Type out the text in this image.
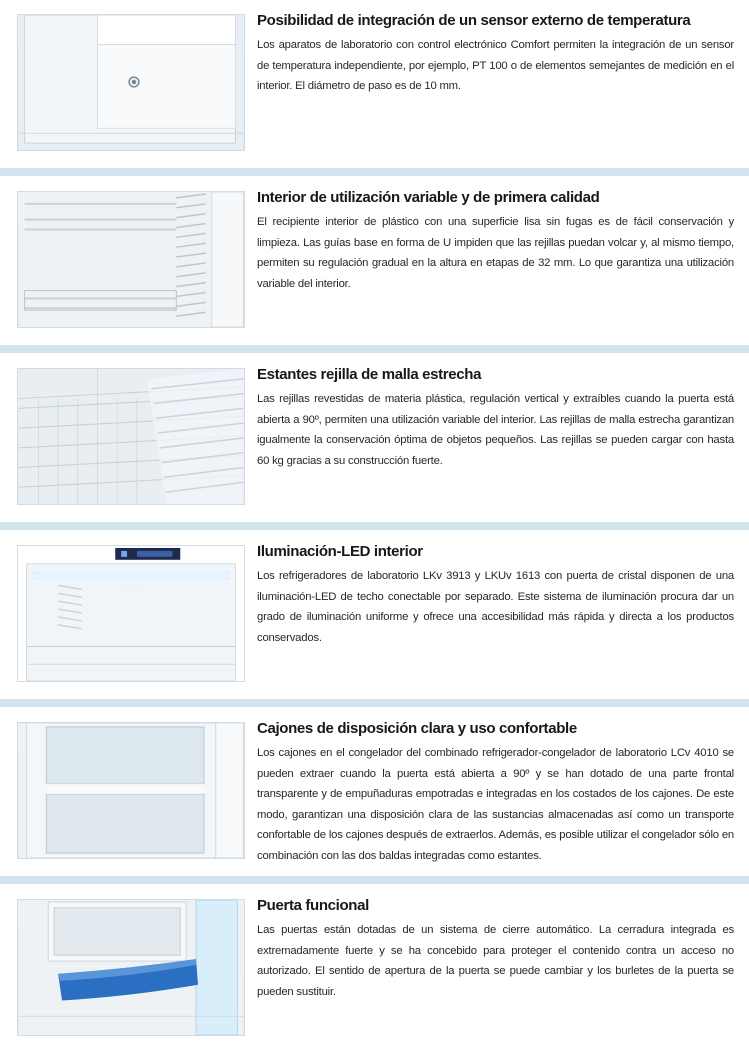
Posibilidad de integración de un sensor externo de temperatura

Los aparatos de laboratorio con control electrónico Comfort permiten la integración de un sensor de temperatura independiente, por ejemplo, PT 100 o de elementos semejantes de medición en el interior. El diámetro de paso es de 10 mm.

Interior de utilización variable y de primera calidad

El recipiente interior de plástico con una superficie lisa sin fugas es de fácil conservación y limpieza. Las guías base en forma de U impiden que las rejillas puedan volcar y, al mismo tiempo, permiten su regulación gradual en la altura en etapas de 32 mm. Lo que garantiza una utilización variable del interior.

Estantes rejilla de malla estrecha

Las rejillas revestidas de materia plástica, regulación vertical y extraíbles cuando la puerta está abierta a 90º, permiten una utilización variable del interior. Las rejillas de malla estrecha garantizan igualmente la conservación óptima de objetos pequeños. Las rejillas se pueden cargar con hasta 60 kg gracias a su construcción fuerte.

Iluminación-LED interior

Los refrigeradores de laboratorio LKv 3913 y LKUv 1613 con puerta de cristal disponen de una iluminación-LED de techo conectable por separado. Este sistema de iluminación procura dar un grado de iluminación uniforme y ofrece una accesibilidad más rápida y directa a los productos conservados.

Cajones de disposición clara y uso confortable

Los cajones en el congelador del combinado refrigerador-congelador de laboratorio LCv 4010 se pueden extraer cuando la puerta está abierta a 90º y se han dotado de una parte frontal transparente y de empuñaduras empotradas e integradas en los costados de los cajones. De este modo, garantizan una disposición clara de las sustancias almacenadas así como un transporte confortable de los cajones después de extraerlos. Además, es posible utilizar el congelador sólo en combinación con las dos baldas integradas como estantes.

Puerta funcional

Las puertas están dotadas de un sistema de cierre automático. La cerradura integrada es extremadamente fuerte y se ha concebido para proteger el contenido contra un acceso no autorizado. El sentido de apertura de la puerta se puede cambiar y los burletes de la puerta se pueden sustituir.
